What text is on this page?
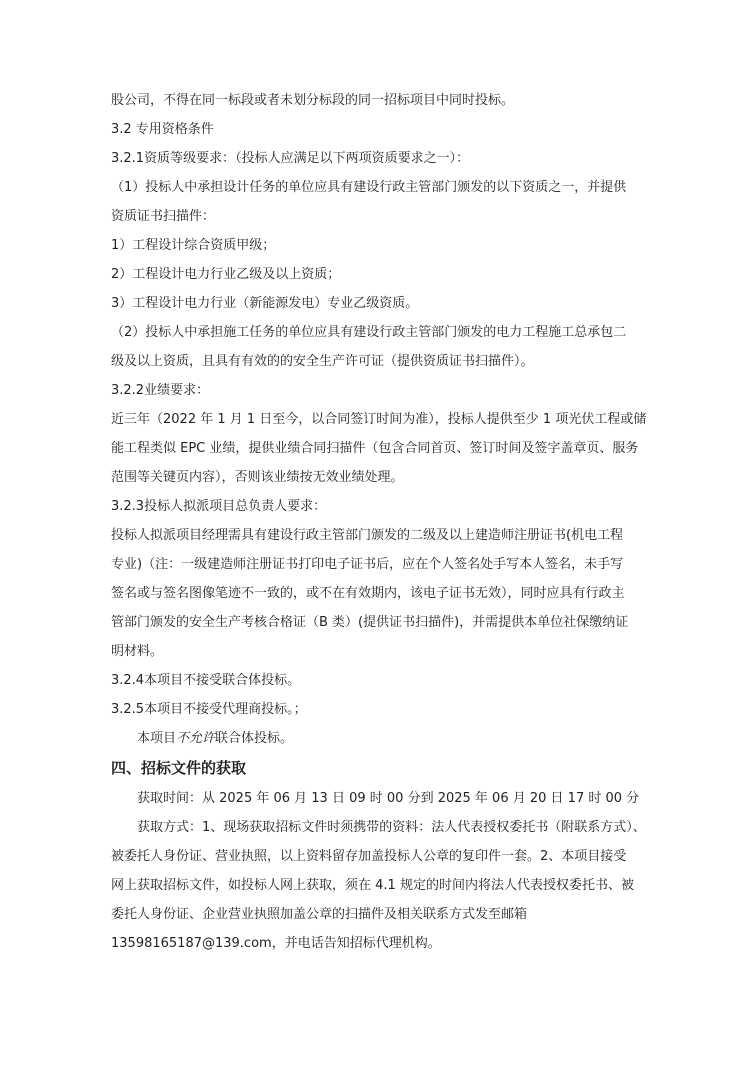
股公司，不得在同一标段或者未划分标段的同一招标项目中同时投标。
3.2 专用资格条件
3.2.1资质等级要求：（投标人应满足以下两项资质要求之一）：
（1）投标人中承担设计任务的单位应具有建设行政主管部门颁发的以下资质之一，并提供
资质证书扫描件：
1）工程设计综合资质甲级；
2）工程设计电力行业乙级及以上资质；
3）工程设计电力行业（新能源发电）专业乙级资质。
（2）投标人中承担施工任务的单位应具有建设行政主管部门颁发的电力工程施工总承包二
级及以上资质，且具有有效的的安全生产许可证（提供资质证书扫描件）。
3.2.2业绩要求：
近三年（2022 年 1 月 1 日至今，以合同签订时间为准），投标人提供至少 1 项光伏工程或储
能工程类似 EPC 业绩，提供业绩合同扫描件（包含合同首页、签订时间及签字盖章页、服务
范围等关键页内容），否则该业绩按无效业绩处理。
3.2.3投标人拟派项目总负责人要求：
投标人拟派项目经理需具有建设行政主管部门颁发的二级及以上建造师注册证书(机电工程
专业)（注：一级建造师注册证书打印电子证书后，应在个人签名处手写本人签名，未手写
签名或与签名图像笔迹不一致的，或不在有效期内，该电子证书无效），同时应具有行政主
管部门颁发的安全生产考核合格证（B 类）(提供证书扫描件)，并需提供本单位社保缴纳证
明材料。
3.2.4本项目不接受联合体投标。
3.2.5本项目不接受代理商投标。；
本项目不允许联合体投标。
四、招标文件的获取
获取时间：从 2025 年 06 月 13 日 09 时 00 分到 2025 年 06 月 20 日 17 时 00 分
获取方式：1、现场获取招标文件时须携带的资料：法人代表授权委托书（附联系方式）、
被委托人身份证、营业执照，以上资料留存加盖投标人公章的复印件一套。2、本项目接受
网上获取招标文件，如投标人网上获取，须在 4.1 规定的时间内将法人代表授权委托书、被
委托人身份证、企业营业执照加盖公章的扫描件及相关联系方式发至邮箱
13598165187@139.com，并电话告知招标代理机构。
